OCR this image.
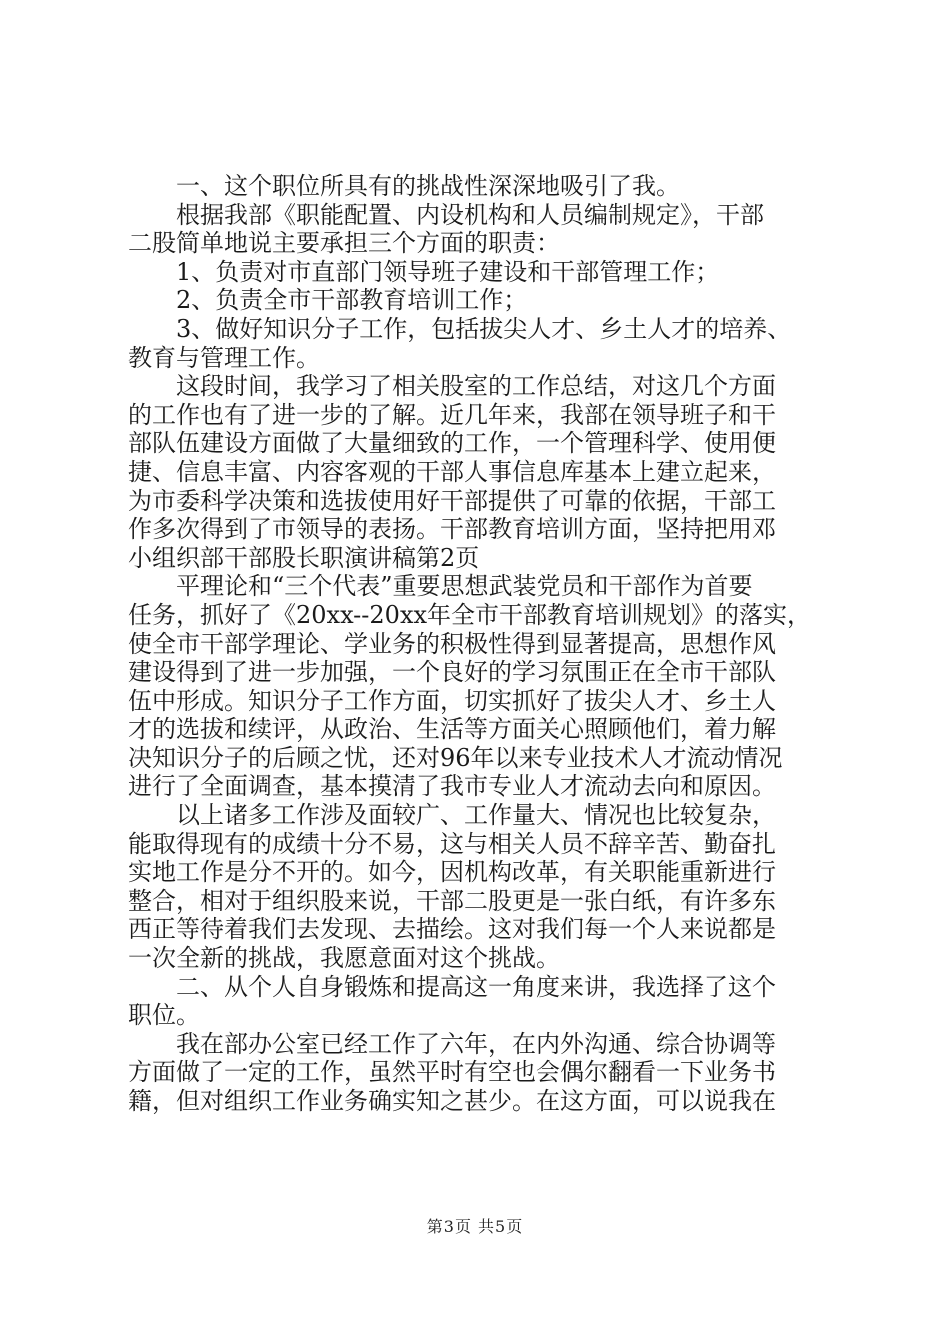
　　一、这个职位所具有的挑战性深深地吸引了我。
　　根据我部《职能配置、内设机构和人员编制规定》，干部
二股简单地说主要承担三个方面的职责：
　　1、负责对市直部门领导班子建设和干部管理工作；
　　2、负责全市干部教育培训工作；
　　3、做好知识分子工作，包括拔尖人才、乡土人才的培养、
教育与管理工作。
　　这段时间，我学习了相关股室的工作总结，对这几个方面
的工作也有了进一步的了解。近几年来，我部在领导班子和干
部队伍建设方面做了大量细致的工作，一个管理科学、使用便
捷、信息丰富、内容客观的干部人事信息库基本上建立起来，
为市委科学决策和选拔使用好干部提供了可靠的依据，干部工
作多次得到了市领导的表扬。干部教育培训方面，坚持把用邓
小组织部干部股长职演讲稿第2页
　　平理论和“三个代表”重要思想武装党员和干部作为首要
任务，抓好了《20xx--20xx年全市干部教育培训规划》的落实，
使全市干部学理论、学业务的积极性得到显著提高，思想作风
建设得到了进一步加强，一个良好的学习氛围正在全市干部队
伍中形成。知识分子工作方面，切实抓好了拔尖人才、乡土人
才的选拔和续评，从政治、生活等方面关心照顾他们，着力解
决知识分子的后顾之忧，还对96年以来专业技术人才流动情况
进行了全面调查，基本摸清了我市专业人才流动去向和原因。
　　以上诸多工作涉及面较广、工作量大、情况也比较复杂，
能取得现有的成绩十分不易，这与相关人员不辞辛苦、勤奋扎
实地工作是分不开的。如今，因机构改革，有关职能重新进行
整合，相对于组织股来说，干部二股更是一张白纸，有许多东
西正等待着我们去发现、去描绘。这对我们每一个人来说都是
一次全新的挑战，我愿意面对这个挑战。
　　二、从个人自身锻炼和提高这一角度来讲，我选择了这个
职位。
　　我在部办公室已经工作了六年，在内外沟通、综合协调等
方面做了一定的工作，虽然平时有空也会偶尔翻看一下业务书
籍，但对组织工作业务确实知之甚少。在这方面，可以说我在
第3页 共5页
